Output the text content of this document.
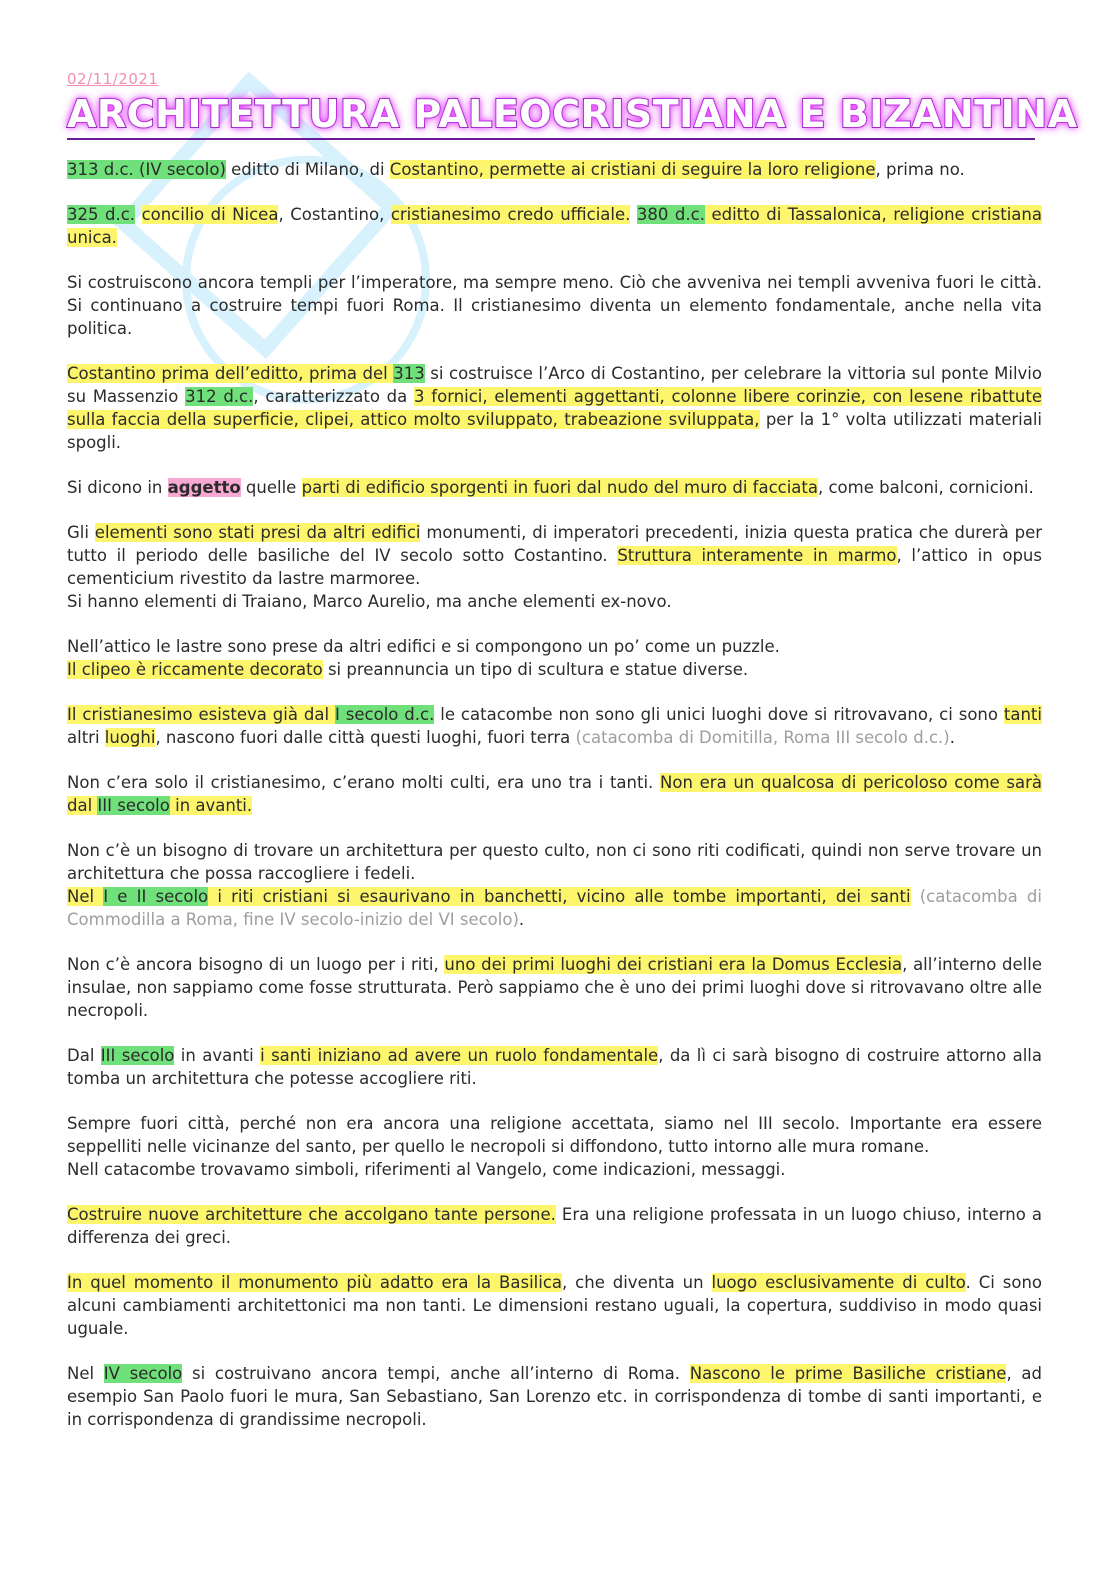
02/11/2021
ARCHITETTURA PALEOCRISTIANA E BIZANTINA

313 d.c. (IV secolo) editto di Milano, di Costantino, permette ai cristiani di seguire la loro religione, prima no.

325 d.c. concilio di Nicea, Costantino, cristianesimo credo ufficiale. 380 d.c. editto di Tassalonica, religione cristiana unica.

Si costruiscono ancora templi per l’imperatore, ma sempre meno. Ciò che avveniva nei templi avveniva fuori le città. Si continuano a costruire tempi fuori Roma. Il cristianesimo diventa un elemento fondamentale, anche nella vita politica.

Costantino prima dell’editto, prima del 313 si costruisce l’Arco di Costantino, per celebrare la vittoria sul ponte Milvio su Massenzio 312 d.c., caratterizzato da 3 fornici, elementi aggettanti, colonne libere corinzie, con lesene ribattute sulla faccia della superficie, clipei, attico molto sviluppato, trabeazione sviluppata, per la 1° volta utilizzati materiali spogli.

Si dicono in aggetto quelle parti di edificio sporgenti in fuori dal nudo del muro di facciata, come balconi, cornicioni.

Gli elementi sono stati presi da altri edifici monumenti, di imperatori precedenti, inizia questa pratica che durerà per tutto il periodo delle basiliche del IV secolo sotto Costantino. Struttura interamente in marmo, l’attico in opus cementicium rivestito da lastre marmoree.
Si hanno elementi di Traiano, Marco Aurelio, ma anche elementi ex-novo.

Nell’attico le lastre sono prese da altri edifici e si compongono un po’ come un puzzle.
Il clipeo è riccamente decorato si preannuncia un tipo di scultura e statue diverse.

Il cristianesimo esisteva già dal I secolo d.c. le catacombe non sono gli unici luoghi dove si ritrovavano, ci sono tanti altri luoghi, nascono fuori dalle città questi luoghi, fuori terra (catacomba di Domitilla, Roma III secolo d.c.).

Non c’era solo il cristianesimo, c’erano molti culti, era uno tra i tanti. Non era un qualcosa di pericoloso come sarà dal III secolo in avanti.

Non c’è un bisogno di trovare un architettura per questo culto, non ci sono riti codificati, quindi non serve trovare un architettura che possa raccogliere i fedeli.
Nel I e II secolo i riti cristiani si esaurivano in banchetti, vicino alle tombe importanti, dei santi (catacomba di Commodilla a Roma, fine IV secolo-inizio del VI secolo).

Non c’è ancora bisogno di un luogo per i riti, uno dei primi luoghi dei cristiani era la Domus Ecclesia, all’interno delle insulae, non sappiamo come fosse strutturata. Però sappiamo che è uno dei primi luoghi dove si ritrovavano oltre alle necropoli.

Dal III secolo in avanti i santi iniziano ad avere un ruolo fondamentale, da lì ci sarà bisogno di costruire attorno alla tomba un architettura che potesse accogliere riti.

Sempre fuori città, perché non era ancora una religione accettata, siamo nel III secolo. Importante era essere seppelliti nelle vicinanze del santo, per quello le necropoli si diffondono, tutto intorno alle mura romane.
Nell catacombe trovavamo simboli, riferimenti al Vangelo, come indicazioni, messaggi.

Costruire nuove architetture che accolgano tante persone. Era una religione professata in un luogo chiuso, interno a differenza dei greci.

In quel momento il monumento più adatto era la Basilica, che diventa un luogo esclusivamente di culto. Ci sono alcuni cambiamenti architettonici ma non tanti. Le dimensioni restano uguali, la copertura, suddiviso in modo quasi uguale.

Nel IV secolo si costruivano ancora tempi, anche all’interno di Roma. Nascono le prime Basiliche cristiane, ad esempio San Paolo fuori le mura, San Sebastiano, San Lorenzo etc. in corrispondenza di tombe di santi importanti, e in corrispondenza di grandissime necropoli.
